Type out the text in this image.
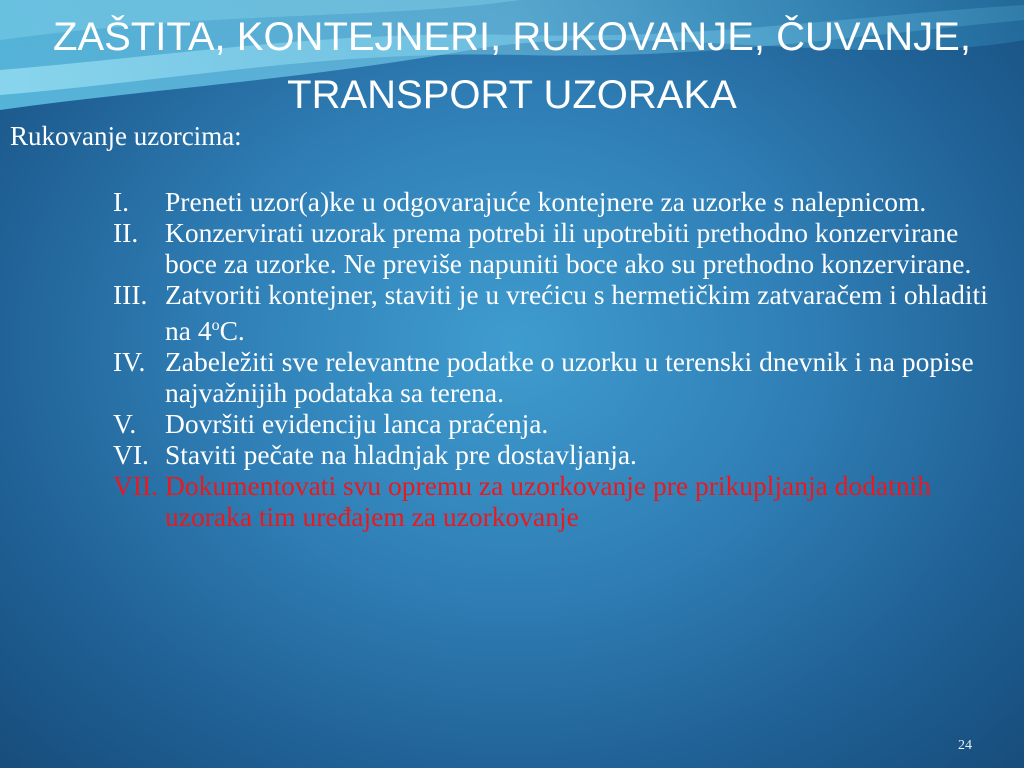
ZAŠTITA, KONTEJNERI, RUKOVANJE, ČUVANJE, TRANSPORT UZORAKA

Rukovanje uzorcima:

I.	Preneti uzor(a)ke u odgovarajuće kontejnere za uzorke s nalepnicom.
II. Konzervirati uzorak prema potrebi ili upotrebiti prethodno konzervirane boce za uzorke. Ne previše napuniti boce ako su prethodno konzervirane.
III. Zatvoriti kontejner, staviti je u vrećicu s hermetičkim zatvaračem i ohladiti na 4$^o$C.
IV. Zabeležiti sve relevantne podatke o uzorku u terenski dnevnik i na popise najvažnijih podataka sa terena.
V.	Dovršiti evidenciju lanca praćenja.
VI. Staviti pečate na hladnjak pre dostavljanja.
VII. Dokumentovati svu opremu za uzorkovanje pre prikupljanja dodatnih uzoraka tim uređajem za uzorkovanje
24
